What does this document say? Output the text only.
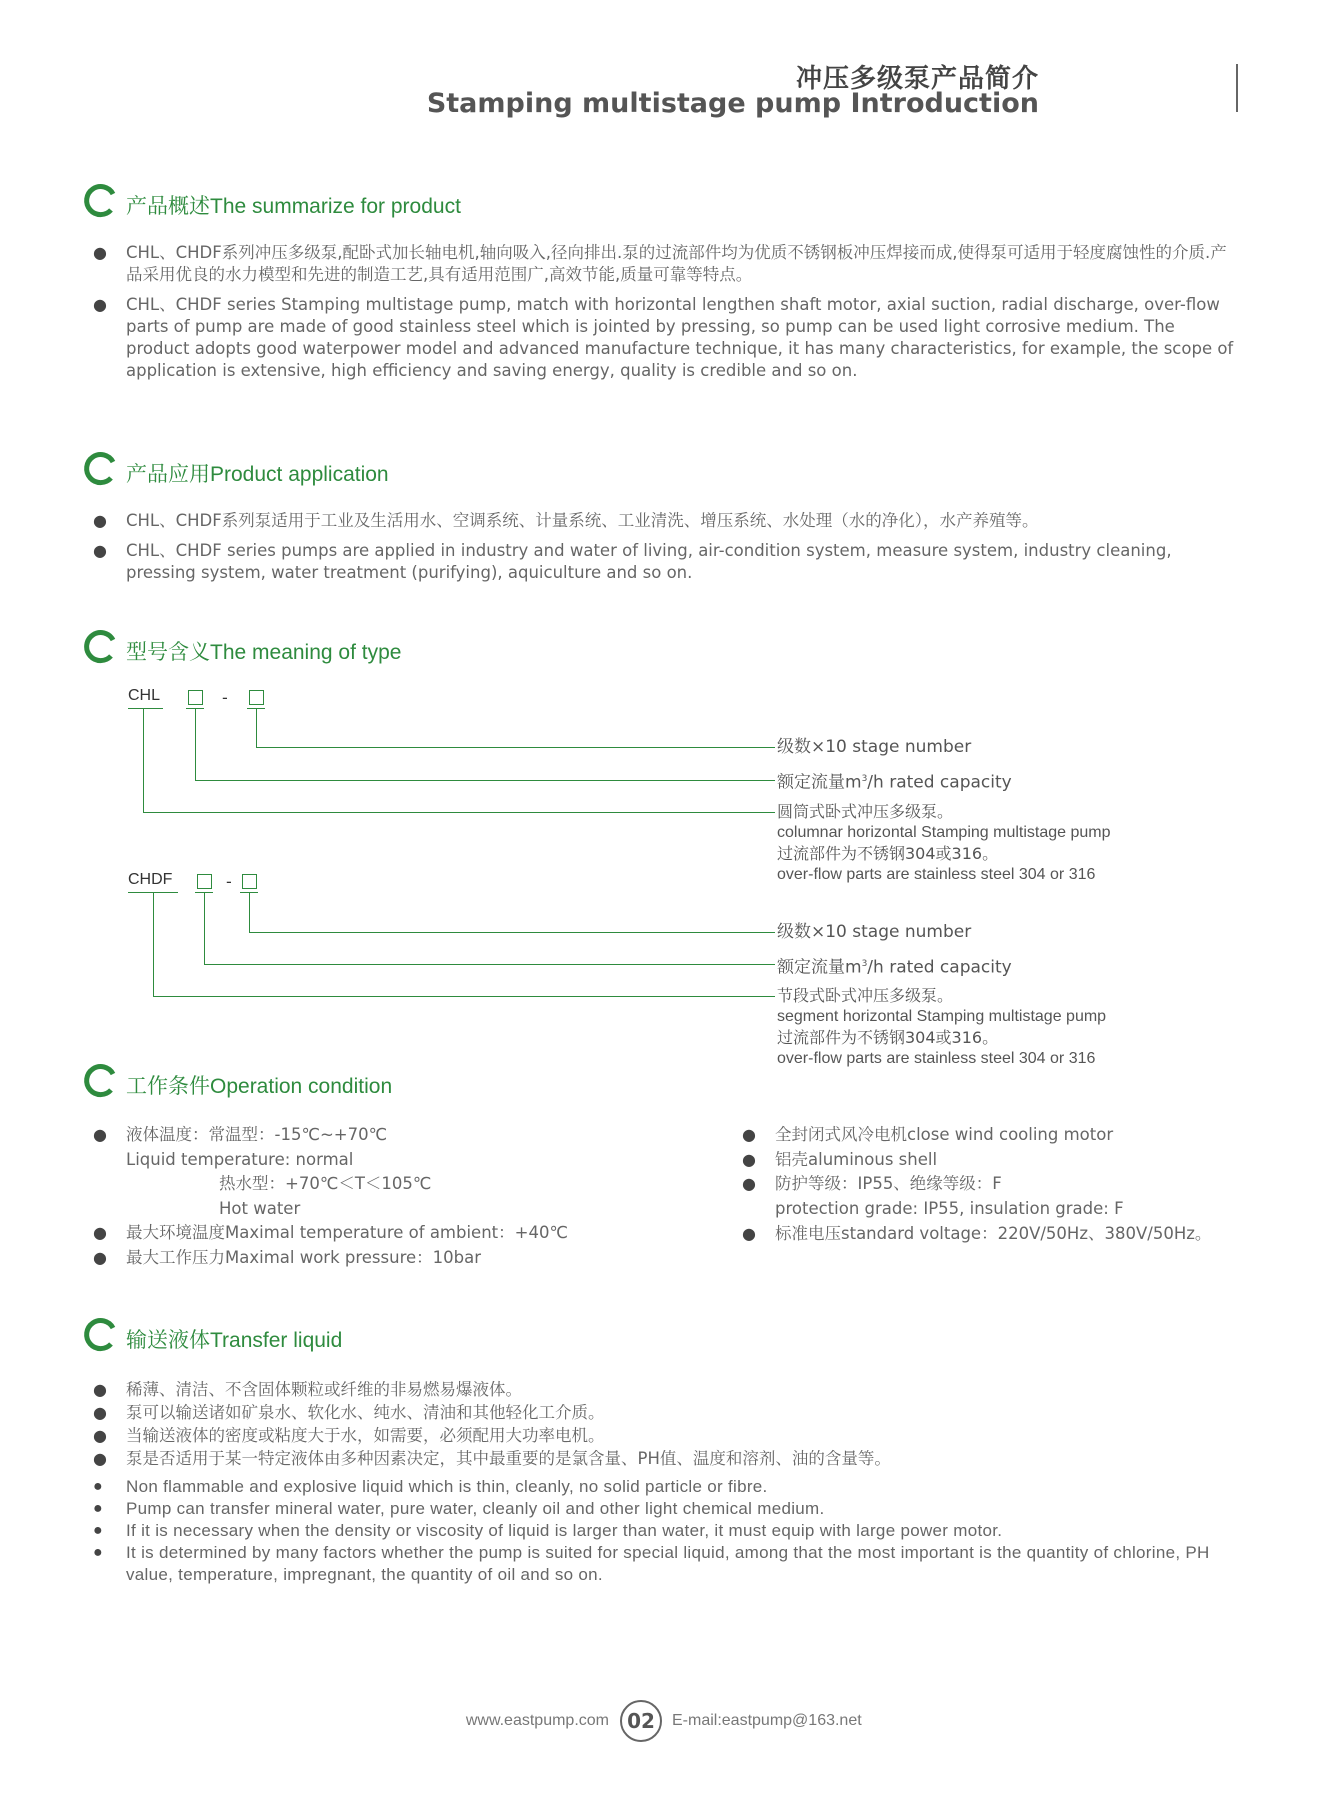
冲压多级泵产品简介
Stamping multistage pump Introduction
产品概述The summarize for product
● CHL、CHDF系列冲压多级泵,配卧式加长轴电机,轴向吸入,径向排出.泵的过流部件均为优质不锈钢板冲压焊接而成,使得泵可适用于轻度腐蚀性的介质.产品采用优良的水力模型和先进的制造工艺,具有适用范围广,高效节能,质量可靠等特点。
● CHL、CHDF series Stamping multistage pump, match with horizontal lengthen shaft motor, axial suction, radial discharge, over-flow parts of pump are made of good stainless steel which is jointed by pressing, so pump can be used light corrosive medium. The product adopts good waterpower model and advanced manufacture technique, it has many characteristics, for example, the scope of application is extensive, high efficiency and saving energy, quality is credible and so on.
产品应用Product application
● CHL、CHDF系列泵适用于工业及生活用水、空调系统、计量系统、工业清洗、增压系统、水处理（水的净化），水产养殖等。
● CHL、CHDF series pumps are applied in industry and water of living, air-condition system, measure system, industry cleaning, pressing system, water treatment (purifying), aquiculture and so on.
型号含义The meaning of type
CHL	-
级数×10 stage number
额定流量$m^3/h$ rated capacity
圆筒式卧式冲压多级泵。
columnar horizontal Stamping multistage pump
过流部件为不锈钢304或316。
over-flow parts are stainless steel 304 or 316
CHDF	-
级数×10 stage number
额定流量$m^3/h$ rated capacity
节段式卧式冲压多级泵。
segment horizontal Stamping multistage pump
过流部件为不锈钢304或316。
over-flow parts are stainless steel 304 or 316
工作条件Operation condition
● 液体温度：常温型：-15℃~+70℃
Liquid temperature: normal
热水型：+70℃＜T＜105℃
Hot water
● 最大环境温度Maximal temperature of ambient：+40℃
● 最大工作压力Maximal work pressure：10bar
● 全封闭式风冷电机close wind cooling motor
● 铝壳aluminous shell
● 防护等级：IP55、绝缘等级：F
protection grade: IP55, insulation grade: F
● 标准电压standard voltage：220V/50Hz、380V/50Hz。
输送液体Transfer liquid
● 稀薄、清洁、不含固体颗粒或纤维的非易燃易爆液体。
● 泵可以输送诸如矿泉水、软化水、纯水、清油和其他轻化工介质。
● 当输送液体的密度或粘度大于水，如需要，必须配用大功率电机。
● 泵是否适用于某一特定液体由多种因素决定，其中最重要的是氯含量、PH值、温度和溶剂、油的含量等。
● Non flammable and explosive liquid which is thin, cleanly, no solid particle or fibre.
● Pump can transfer mineral water, pure water, cleanly oil and other light chemical medium.
● If it is necessary when the density or viscosity of liquid is larger than water, it must equip with large power motor.
● It is determined by many factors whether the pump is suited for special liquid, among that the most important is the quantity of chlorine, PH value, temperature, impregnant, the quantity of oil and so on.
www.eastpump.com 02	E-mail:eastpump@163.net
